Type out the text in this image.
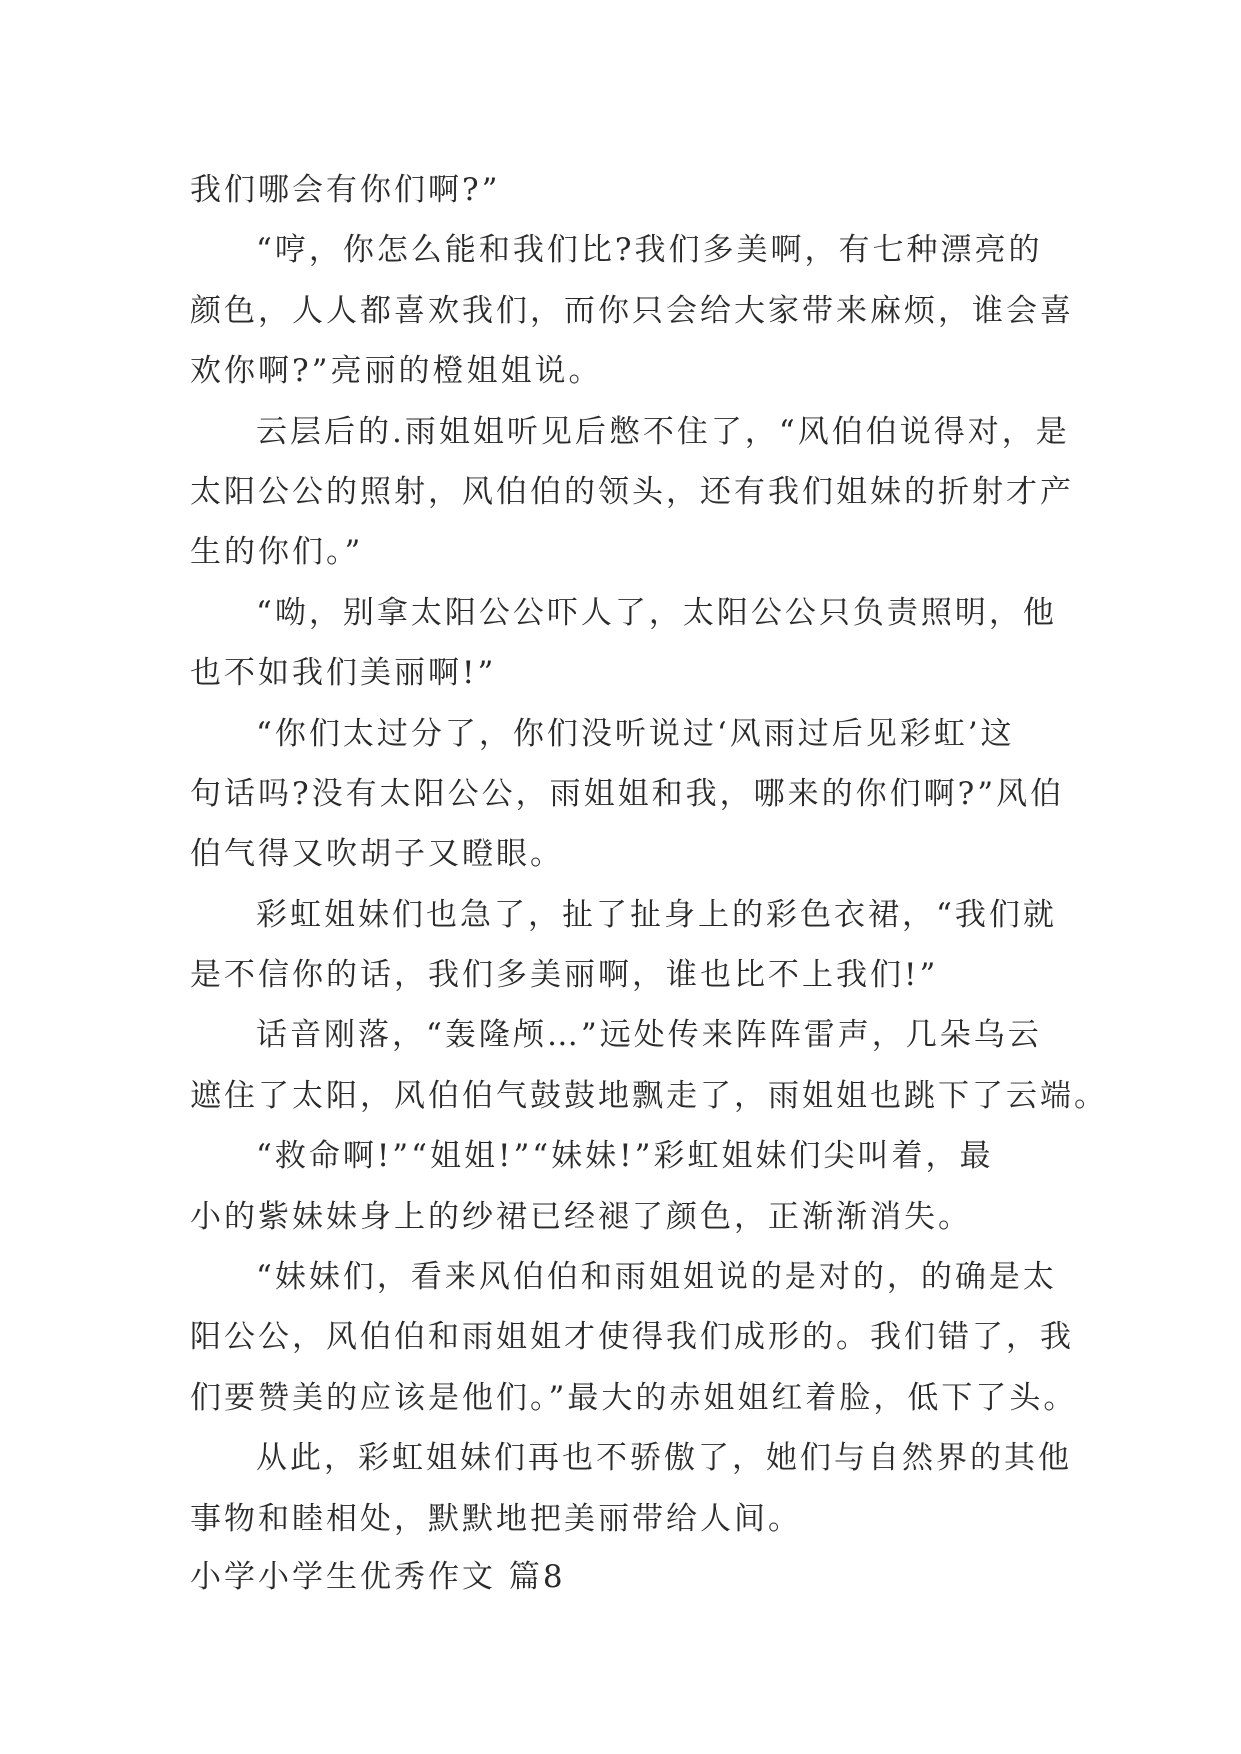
我们哪会有你们啊?”
“哼，你怎么能和我们比?我们多美啊，有七种漂亮的
颜色，人人都喜欢我们，而你只会给大家带来麻烦，谁会喜
欢你啊?”亮丽的橙姐姐说。
云层后的.雨姐姐听见后憋不住了，“风伯伯说得对，是
太阳公公的照射，风伯伯的领头，还有我们姐妹的折射才产
生的你们。”
“呦，别拿太阳公公吓人了，太阳公公只负责照明，他
也不如我们美丽啊!”
“你们太过分了，你们没听说过‘风雨过后见彩虹’这
句话吗?没有太阳公公，雨姐姐和我，哪来的你们啊?”风伯
伯气得又吹胡子又瞪眼。
彩虹姐妹们也急了，扯了扯身上的彩色衣裙，“我们就
是不信你的话，我们多美丽啊，谁也比不上我们!”
话音刚落，“轰隆颅…”远处传来阵阵雷声，几朵乌云
遮住了太阳，风伯伯气鼓鼓地飘走了，雨姐姐也跳下了云端。
“救命啊!”“姐姐!”“妹妹!”彩虹姐妹们尖叫着，最
小的紫妹妹身上的纱裙已经褪了颜色，正渐渐消失。
“妹妹们，看来风伯伯和雨姐姐说的是对的，的确是太
阳公公，风伯伯和雨姐姐才使得我们成形的。我们错了，我
们要赞美的应该是他们。”最大的赤姐姐红着脸，低下了头。
从此，彩虹姐妹们再也不骄傲了，她们与自然界的其他
事物和睦相处，默默地把美丽带给人间。
小学小学生优秀作文 篇8
